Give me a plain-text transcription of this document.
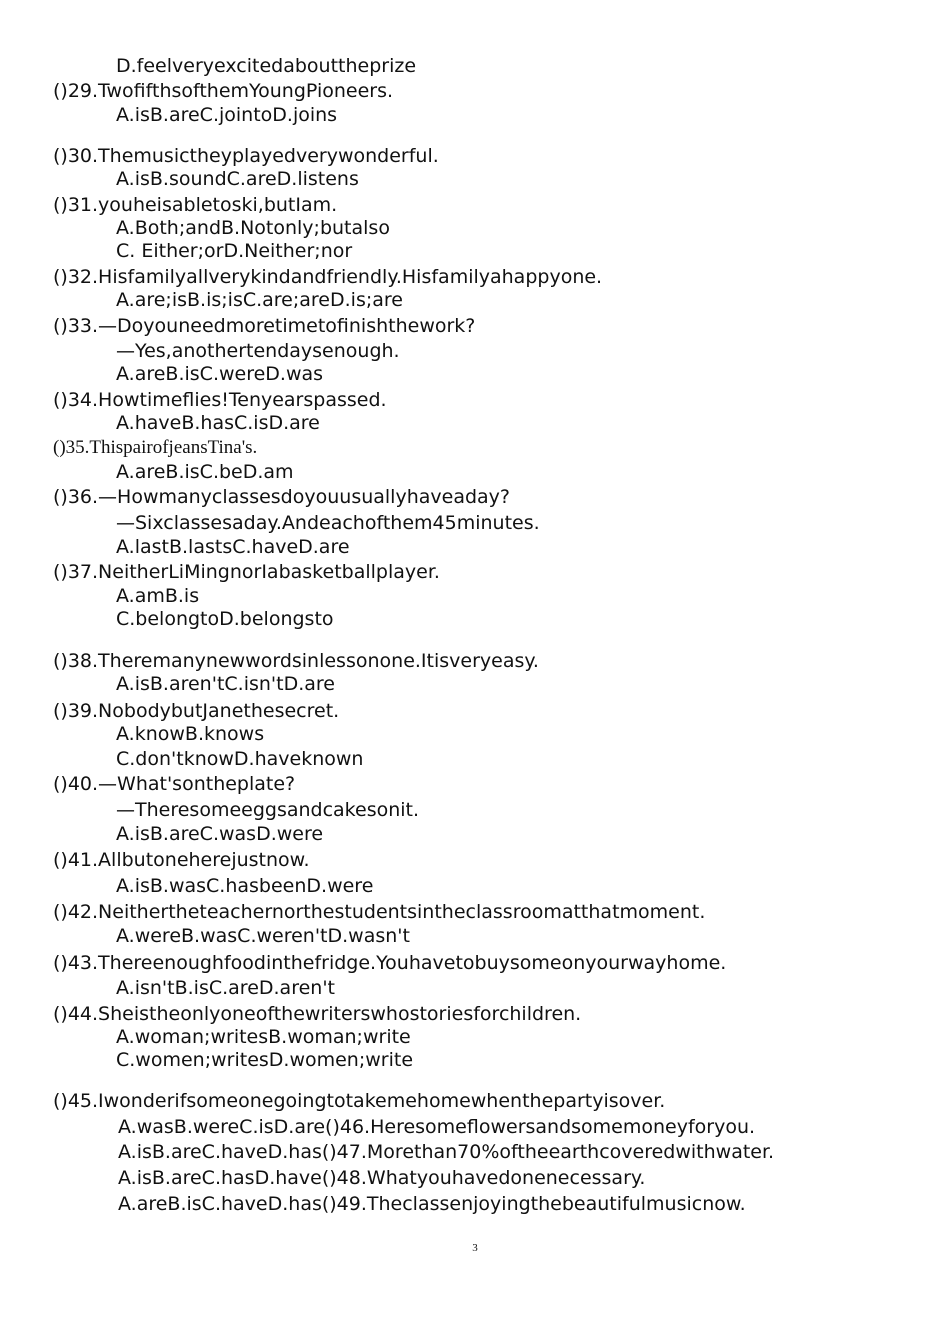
D.feelveryexcitedabouttheprize
()29.TwofifthsofthemYoungPioneers.
A.isB.areC.jointoD.joins
()30.Themusictheyplayedverywonderful.
A.isB.soundC.areD.listens
()31.youheisabletoski,butIam.
A.Both;andB.Notonly;butalso
C. Either;orD.Neither;nor
()32.Hisfamilyallverykindandfriendly.Hisfamilyahappyone.
A.are;isB.is;isC.are;areD.is;are
()33.—Doyouneedmoretimetofinishthework?
—Yes,anothertendaysenough.
A.areB.isC.wereD.was
()34.Howtimeflies!Tenyearspassed.
A.haveB.hasC.isD.are
()35.ThispairofjeansTina's.
A.areB.isC.beD.am
()36.—Howmanyclassesdoyouusuallyhaveaday?
—Sixclassesaday.Andeachofthem45minutes.
A.lastB.lastsC.haveD.are
()37.NeitherLiMingnorIabasketballplayer.
A.amB.is
C.belongtoD.belongsto
()38.Theremanynewwordsinlessonone.Itisveryeasy.
A.isB.aren'tC.isn'tD.are
()39.NobodybutJanethesecret.
A.knowB.knows
C.don'tknowD.haveknown
()40.—What'sontheplate?
—Theresomeeggsandcakesonit.
A.isB.areC.wasD.were
()41.Allbutoneherejustnow.
A.isB.wasC.hasbeenD.were
()42.Neithertheteachernorthestudentsintheclassroomatthatmoment.
A.wereB.wasC.weren'tD.wasn't
()43.Thereenoughfoodinthefridge.Youhavetobuysomeonyourwayhome.
A.isn'tB.isC.areD.aren't
()44.Sheistheonlyoneofthewriterswhostoriesforchildren.
A.woman;writesB.woman;write
C.women;writesD.women;write
()45.Iwonderifsomeonegoingtotakemehomewhenthepartyisover.
A.wasB.wereC.isD.are()46.Heresomeflowersandsomemoneyforyou.
A.isB.areC.haveD.has()47.Morethan70%oftheearthcoveredwithwater.
A.isB.areC.hasD.have()48.Whatyouhavedonenecessary.
A.areB.isC.haveD.has()49.Theclassenjoyingthebeautifulmusicnow.
3
